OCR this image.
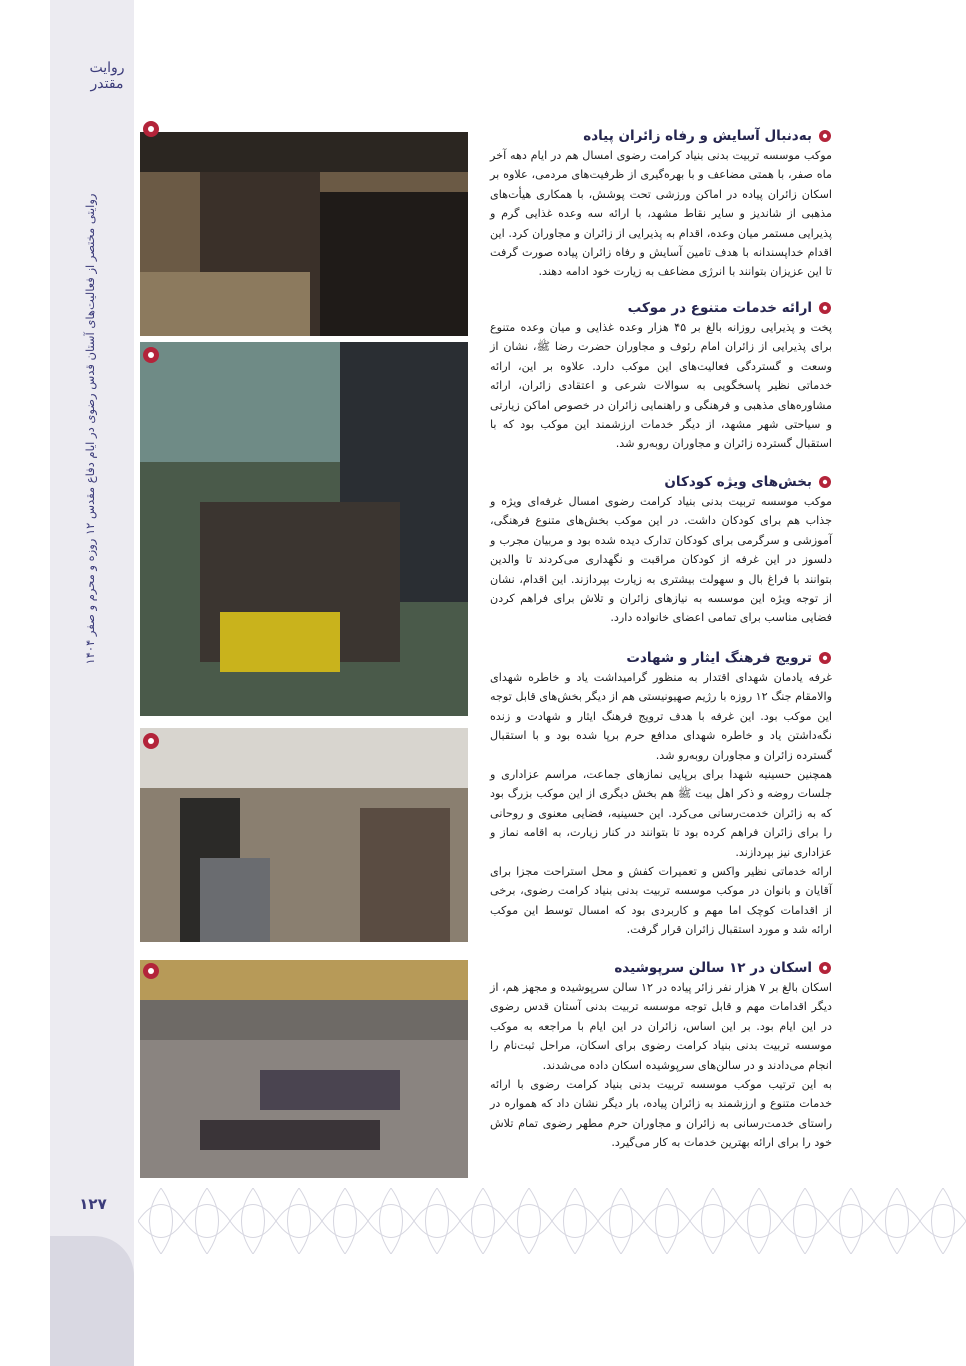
روایت مقتدر
روایتی مختصر از فعالیت‌های آستان قدس رضوی در ایام دفاع مقدس ۱۲ روزه و محرم و صفر ۱۴۰۴
۱۲۷
به‌دنبال آسایش و رفاه زائران پیاده

موکب موسسه تربیت بدنی بنیاد کرامت رضوی امسال هم در ایام دهه آخر ماه صفر، با همتی مضاعف و با بهره‌گیری از ظرفیت‌های مردمی، علاوه بر اسکان زائران پیاده در اماکن ورزشی تحت پوشش، با همکاری هیأت‌های مذهبی از شاندیز و سایر نقاط مشهد، با ارائه سه وعده غذایی گرم و پذیرایی مستمر میان وعده، اقدام به پذیرایی از زائران و مجاوران کرد. این اقدام خداپسندانه با هدف تامین آسایش و رفاه زائران پیاده صورت گرفت تا این عزیزان بتوانند با انرژی مضاعف به زیارت خود ادامه دهند.

ارائه خدمات متنوع در موکب

پخت و پذیرایی روزانه بالغ بر ۴۵ هزار وعده غذایی و میان وعده متنوع برای پذیرایی از زائران امام رئوف و مجاوران حضرت رضا ﷺ، نشان از وسعت و گستردگی فعالیت‌های این موکب دارد. علاوه بر این، ارائه خدماتی نظیر پاسخگویی به سوالات شرعی و اعتقادی زائران، ارائه مشاوره‌های مذهبی و فرهنگی و راهنمایی زائران در خصوص اماکن زیارتی و سیاحتی شهر مشهد، از دیگر خدمات ارزشمند این موکب بود که با استقبال گسترده زائران و مجاوران روبه‌رو شد.

بخش‌های ویژه کودکان

موکب موسسه تربیت بدنی بنیاد کرامت رضوی امسال غرفه‌ای ویژه و جذاب هم برای کودکان داشت. در این موکب بخش‌های متنوع فرهنگی، آموزشی و سرگرمی برای کودکان تدارک دیده شده بود و مربیان مجرب و دلسوز در این غرفه از کودکان مراقبت و نگهداری می‌کردند تا والدین بتوانند با فراغ بال و سهولت بیشتری به زیارت بپردازند. این اقدام، نشان از توجه ویژه این موسسه به نیازهای زائران و تلاش برای فراهم کردن فضایی مناسب برای تمامی اعضای خانواده دارد.

ترویج فرهنگ ایثار و شهادت

غرفه یادمان شهدای اقتدار به منظور گرامیداشت یاد و خاطره شهدای والامقام جنگ ۱۲ روزه با رژیم صهیونیستی هم از دیگر بخش‌های قابل توجه این موکب بود. این غرفه با هدف ترویج فرهنگ ایثار و شهادت و زنده نگه‌داشتن یاد و خاطره شهدای مدافع حرم برپا شده بود و با استقبال گسترده زائران و مجاوران روبه‌رو شد.

همچنین حسینیه شهدا برای برپایی نمازهای جماعت، مراسم عزاداری و جلسات روضه و ذکر اهل بیت ﷺ هم بخش دیگری از این موکب بزرگ بود که به زائران خدمت‌رسانی می‌کرد. این حسینیه، فضایی معنوی و روحانی را برای زائران فراهم کرده بود تا بتوانند در کنار زیارت، به اقامه نماز و عزاداری نیز بپردازند.

ارائه خدماتی نظیر واکس و تعمیرات کفش و محل استراحت مجزا برای آقایان و بانوان در موکب موسسه تربیت بدنی بنیاد کرامت رضوی، برخی از اقدامات کوچک اما مهم و کاربردی بود که امسال توسط این موکب ارائه شد و مورد استقبال زائران قرار گرفت.

اسکان در ۱۲ سالن سرپوشیده

اسکان بالغ بر ۷ هزار نفر زائر پیاده در ۱۲ سالن سرپوشیده و مجهز هم، از دیگر اقدامات مهم و قابل توجه موسسه تربیت بدنی آستان قدس رضوی در این ایام بود. بر این اساس، زائران در این ایام با مراجعه به موکب موسسه تربیت بدنی بنیاد کرامت رضوی برای اسکان، مراحل ثبت‌نام را انجام می‌دادند و در سالن‌های سرپوشیده اسکان داده می‌شدند.

به این ترتیب موکب موسسه تربیت بدنی بنیاد کرامت رضوی با ارائه خدمات متنوع و ارزشمند به زائران پیاده، بار دیگر نشان داد که همواره در راستای خدمت‌رسانی به زائران و مجاوران حرم مطهر رضوی تمام تلاش خود را برای ارائه بهترین خدمات به کار می‌گیرد.
